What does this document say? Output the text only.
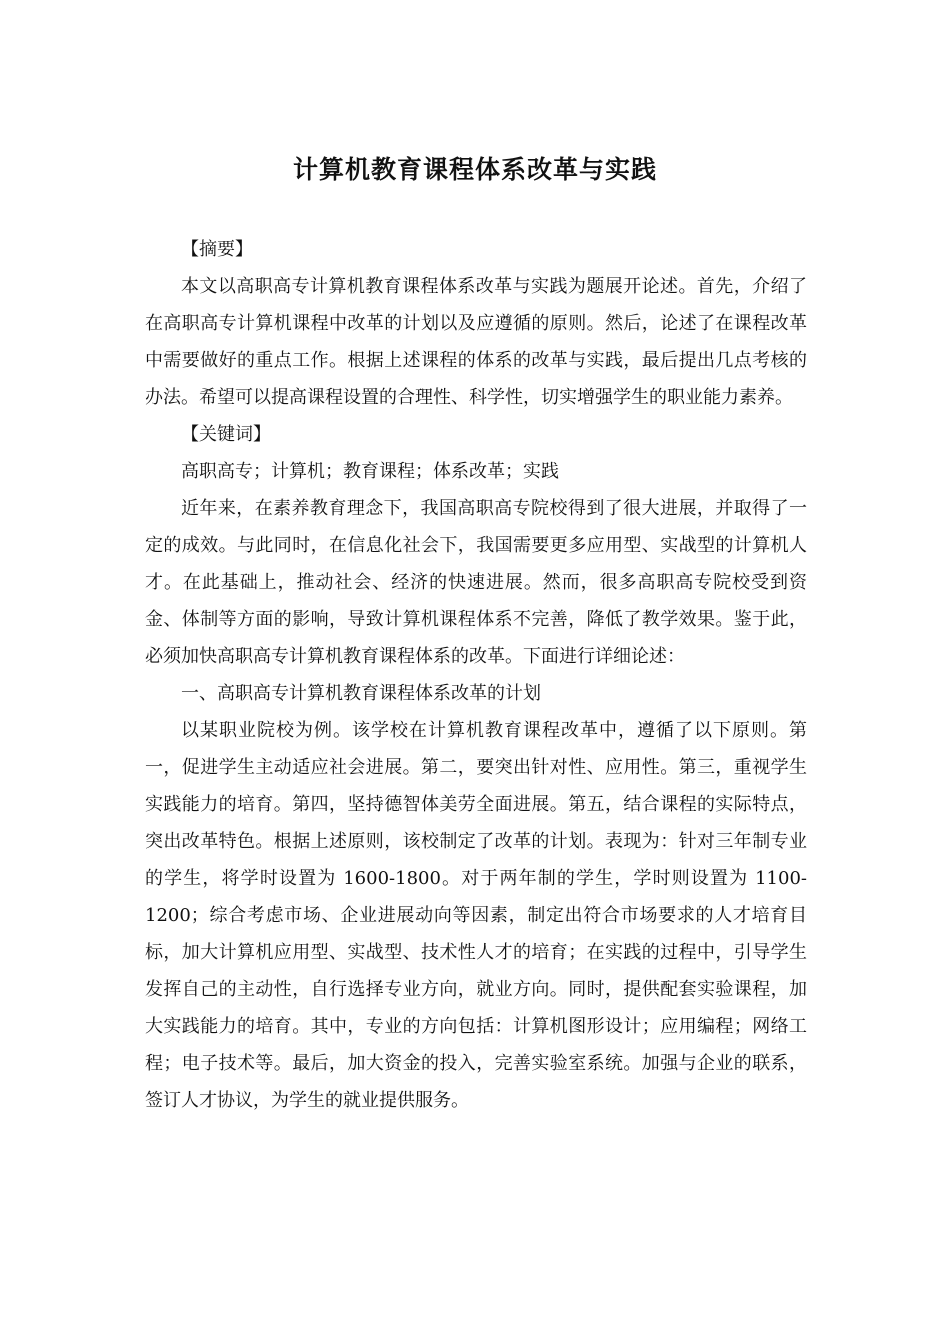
计算机教育课程体系改革与实践

【摘要】

本文以高职高专计算机教育课程体系改革与实践为题展开论述。首先，介绍了在高职高专计算机课程中改革的计划以及应遵循的原则。然后，论述了在课程改革中需要做好的重点工作。根据上述课程的体系的改革与实践，最后提出几点考核的办法。希望可以提高课程设置的合理性、科学性，切实增强学生的职业能力素养。

【关键词】

高职高专；计算机；教育课程；体系改革；实践

近年来，在素养教育理念下，我国高职高专院校得到了很大进展，并取得了一定的成效。与此同时，在信息化社会下，我国需要更多应用型、实战型的计算机人才。在此基础上，推动社会、经济的快速进展。然而，很多高职高专院校受到资金、体制等方面的影响，导致计算机课程体系不完善，降低了教学效果。鉴于此，必须加快高职高专计算机教育课程体系的改革。下面进行详细论述：

一、高职高专计算机教育课程体系改革的计划

以某职业院校为例。该学校在计算机教育课程改革中，遵循了以下原则。第一，促进学生主动适应社会进展。第二，要突出针对性、应用性。第三，重视学生实践能力的培育。第四，坚持德智体美劳全面进展。第五，结合课程的实际特点，突出改革特色。根据上述原则，该校制定了改革的计划。表现为：针对三年制专业的学生，将学时设置为 1600-1800。对于两年制的学生，学时则设置为 1100-1200；综合考虑市场、企业进展动向等因素，制定出符合市场要求的人才培育目标，加大计算机应用型、实战型、技术性人才的培育；在实践的过程中，引导学生发挥自己的主动性，自行选择专业方向，就业方向。同时，提供配套实验课程，加大实践能力的培育。其中，专业的方向包括：计算机图形设计；应用编程；网络工程；电子技术等。最后，加大资金的投入，完善实验室系统。加强与企业的联系，签订人才协议，为学生的就业提供服务。
